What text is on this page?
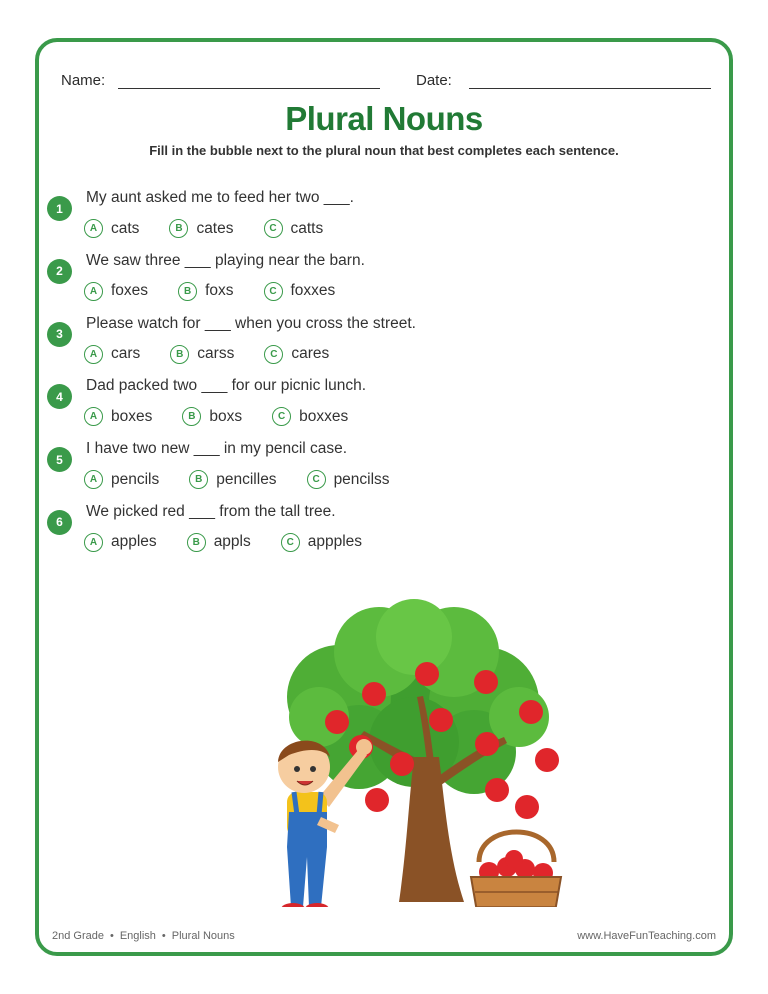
Name:	Date:
Plural Nouns
Fill in the bubble next to the plural noun that best completes each sentence.
1
My aunt asked me to feed her two ___.
A cats	B cates	C catts
2
We saw three ___ playing near the barn.
A foxes	B foxs	C foxxes
3
Please watch for ___ when you cross the street.
A cars	B carss	C cares
4
Dad packed two ___ for our picnic lunch.
A boxes	B boxs	C boxxes
5
I have two new ___ in my pencil case.
A pencils	B pencilles	C pencilss
6
We picked red ___ from the tall tree.
A apples	B appls	C appples
2nd Grade • English • Plural Nouns	www.HaveFunTeaching.com
